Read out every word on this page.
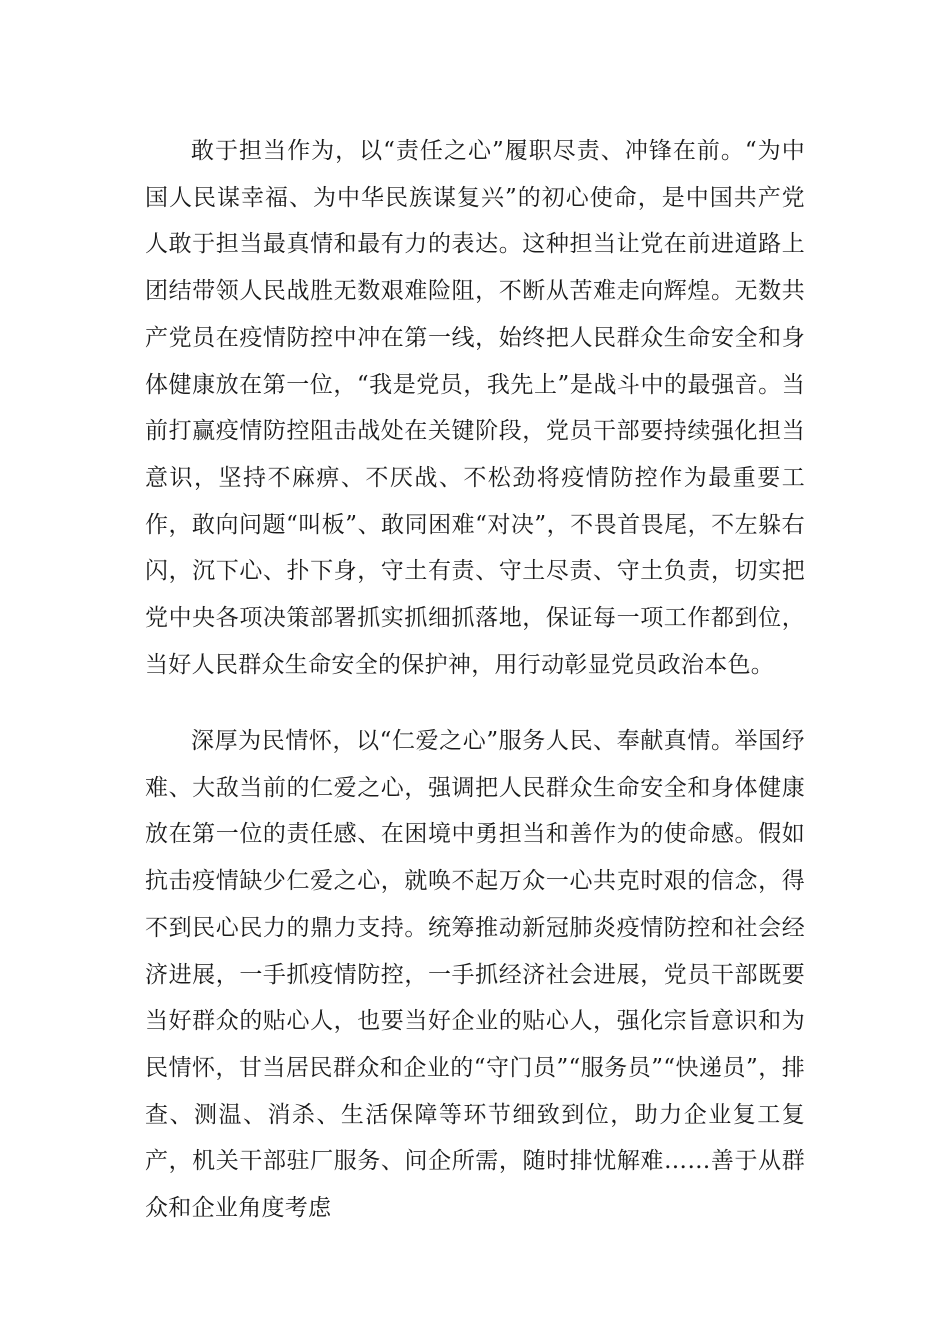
敢于担当作为，以“责任之心”履职尽责、冲锋在前。“为中国人民谋幸福、为中华民族谋复兴”的初心使命，是中国共产党人敢于担当最真情和最有力的表达。这种担当让党在前进道路上团结带领人民战胜无数艰难险阻，不断从苦难走向辉煌。无数共产党员在疫情防控中冲在第一线，始终把人民群众生命安全和身体健康放在第一位，“我是党员，我先上”是战斗中的最强音。当前打赢疫情防控阻击战处在关键阶段，党员干部要持续强化担当意识，坚持不麻痹、不厌战、不松劲将疫情防控作为最重要工作，敢向问题“叫板”、敢同困难“对决”，不畏首畏尾，不左躲右闪，沉下心、扑下身，守土有责、守土尽责、守土负责，切实把党中央各项决策部署抓实抓细抓落地，保证每一项工作都到位，当好人民群众生命安全的保护神，用行动彰显党员政治本色。

深厚为民情怀，以“仁爱之心”服务人民、奉献真情。举国纾难、大敌当前的仁爱之心，强调把人民群众生命安全和身体健康放在第一位的责任感、在困境中勇担当和善作为的使命感。假如抗击疫情缺少仁爱之心，就唤不起万众一心共克时艰的信念，得不到民心民力的鼎力支持。统筹推动新冠肺炎疫情防控和社会经济进展，一手抓疫情防控，一手抓经济社会进展，党员干部既要当好群众的贴心人，也要当好企业的贴心人，强化宗旨意识和为民情怀，甘当居民群众和企业的“守门员”“服务员”“快递员”，排查、测温、消杀、生活保障等环节细致到位，助力企业复工复产，机关干部驻厂服务、问企所需，随时排忧解难……善于从群众和企业角度考虑
